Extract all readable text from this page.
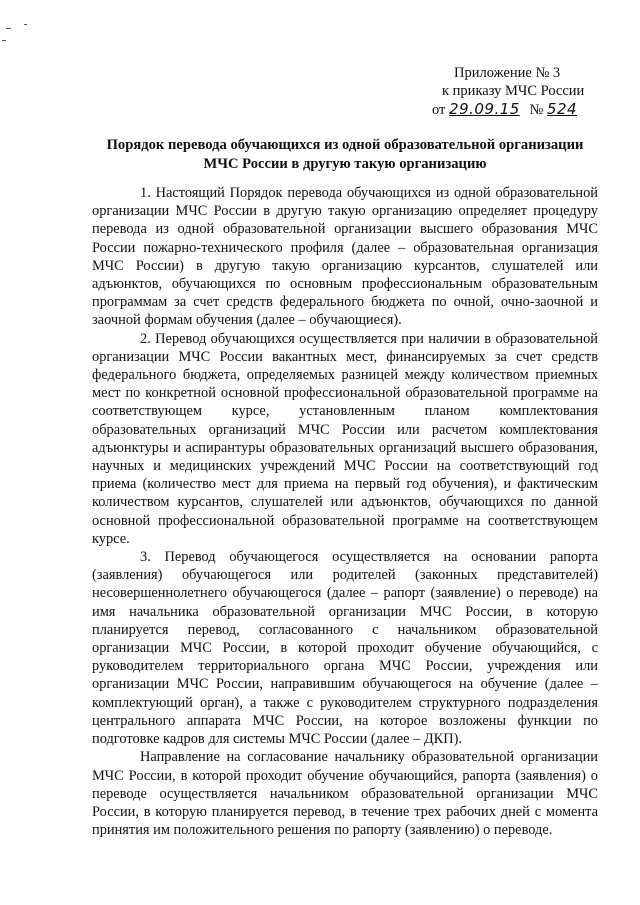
Приложение № 3
к приказу МЧС России
от 29.09.15 № 524
Порядок перевода обучающихся из одной образовательной организации
МЧС России в другую такую организацию

1. Настоящий Порядок перевода обучающихся из одной образовательной организации МЧС России в другую такую организацию определяет процедуру перевода из одной образовательной организации высшего образования МЧС России пожарно-технического профиля (далее – образовательная организация МЧС России) в другую такую организацию курсантов, слушателей или адъюнктов, обучающихся по основным профессиональным образовательным программам за счет средств федерального бюджета по очной, очно-заочной и заочной формам обучения (далее – обучающиеся).

2. Перевод обучающихся осуществляется при наличии в образовательной организации МЧС России вакантных мест, финансируемых за счет средств федерального бюджета, определяемых разницей между количеством приемных мест по конкретной основной профессиональной образовательной программе на соответствующем курсе, установленным планом комплектования образовательных организаций МЧС России или расчетом комплектования адъюнктуры и аспирантуры образовательных организаций высшего образования, научных и медицинских учреждений МЧС России на соответствующий год приема (количество мест для приема на первый год обучения), и фактическим количеством курсантов, слушателей или адъюнктов, обучающихся по данной основной профессиональной образовательной программе на соответствующем курсе.

3. Перевод обучающегося осуществляется на основании рапорта (заявления) обучающегося или родителей (законных представителей) несовершеннолетнего обучающегося (далее – рапорт (заявление) о переводе) на имя начальника образовательной организации МЧС России, в которую планируется перевод, согласованного с начальником образовательной организации МЧС России, в которой проходит обучение обучающийся, с руководителем территориального органа МЧС России, учреждения или организации МЧС России, направившим обучающегося на обучение (далее – комплектующий орган), а также с руководителем структурного подразделения центрального аппарата МЧС России, на которое возложены функции по подготовке кадров для системы МЧС России (далее – ДКП).

Направление на согласование начальнику образовательной организации МЧС России, в которой проходит обучение обучающийся, рапорта (заявления) о переводе осуществляется начальником образовательной организации МЧС России, в которую планируется перевод, в течение трех рабочих дней с момента принятия им положительного решения по рапорту (заявлению) о переводе.
